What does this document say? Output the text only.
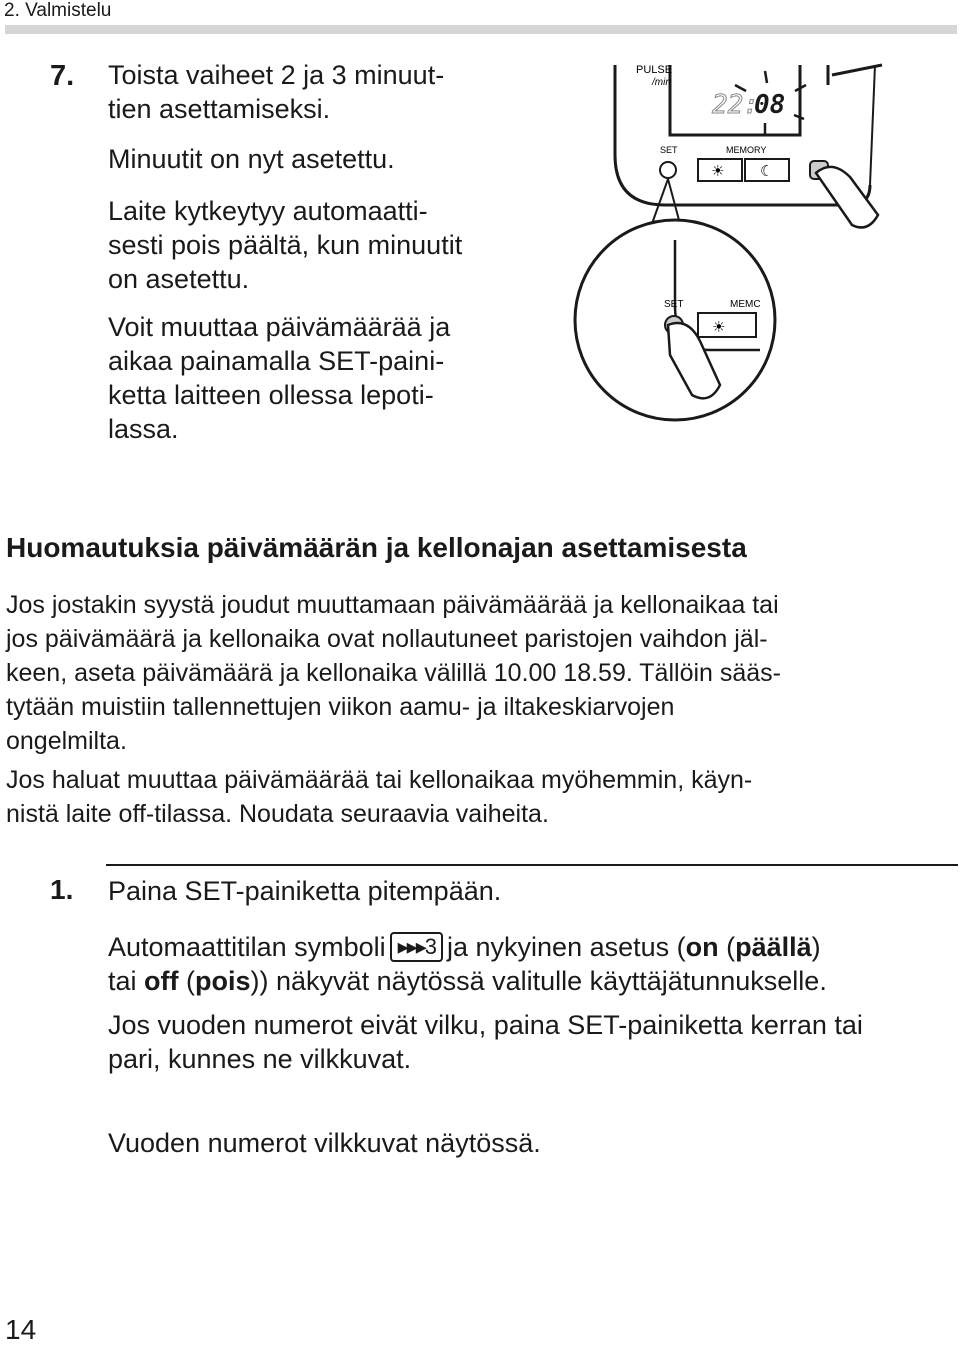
2. Valmistelu
7. Toista vaiheet 2 ja 3 minuut-
tien asettamiseksi.
Minuutit on nyt asetettu.
Laite kytkeytyy automaatti-
sesti pois päältä, kun minuutit
on asetettu.
Voit muuttaa päivämäärää ja
aikaa painamalla SET-paini-
ketta laitteen ollessa lepoti-
lassa.
PULSE
/min
22:
08
SET	MEMORY
☀ ☾
SET	MEMC
☀
Huomautuksia päivämäärän ja kellonajan asettamisesta
Jos jostakin syystä joudut muuttamaan päivämäärää ja kellonaikaa tai
jos päivämäärä ja kellonaika ovat nollautuneet paristojen vaihdon jäl-
keen, aseta päivämäärä ja kellonaika välillä 10.00 18.59. Tällöin sääs-
tytään muistiin tallennettujen viikon aamu- ja iltakeskiarvojen
ongelmilta.
Jos haluat muuttaa päivämäärää tai kellonaikaa myöhemmin, käyn-
nistä laite off-tilassa. Noudata seuraavia vaiheita.
1. Paina SET-painiketta pitempään.
Automaattitilan symboli ▸▸▸3 ja nykyinen asetus (on (päällä)
tai off (pois)) näkyvät näytössä valitulle käyttäjätunnukselle.
Jos vuoden numerot eivät vilku, paina SET-painiketta kerran tai
pari, kunnes ne vilkkuvat.
Vuoden numerot vilkkuvat näytössä.
14
